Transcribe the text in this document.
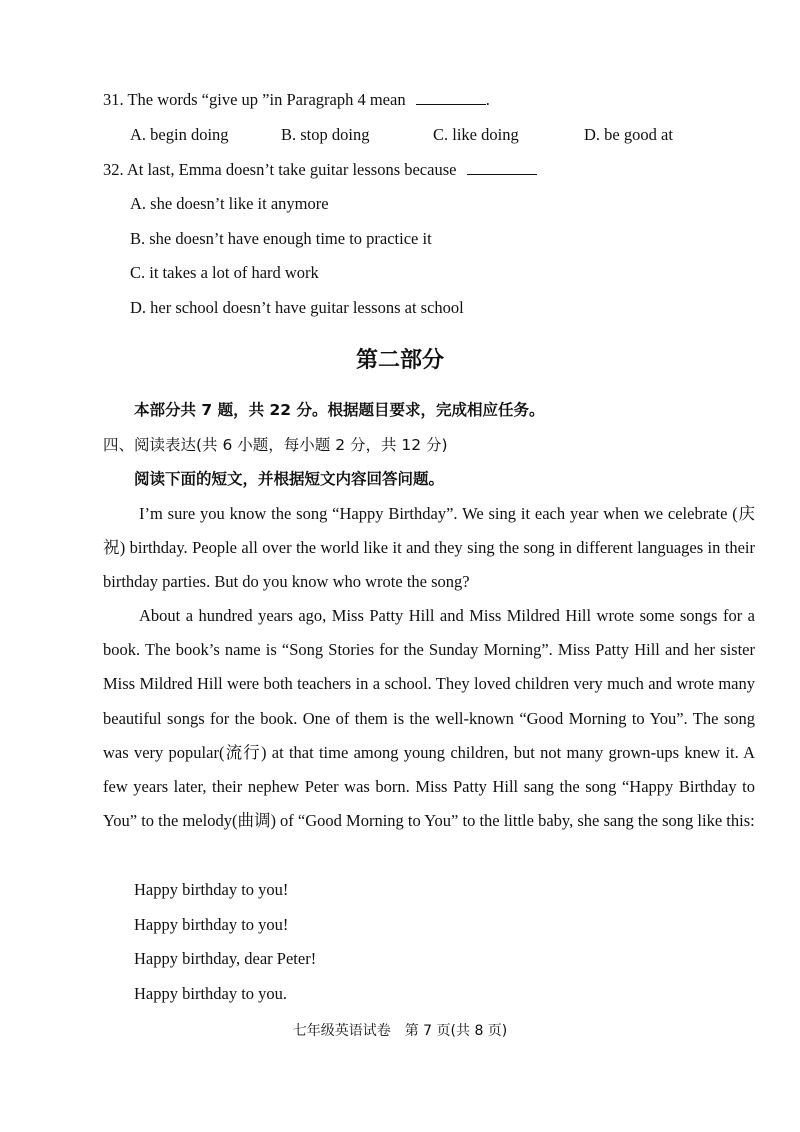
31. The words “give up ”in Paragraph 4 mean	.
A. begin doing	B. stop doing	C. like doing	D. be good at
32. At last, Emma doesn’t take guitar lessons because
A. she doesn’t like it anymore
B. she doesn’t have enough time to practice it
C. it takes a lot of hard work
D. her school doesn’t have guitar lessons at school
第二部分
本部分共 7 题，共 22 分。根据题目要求，完成相应任务。
四、阅读表达(共 6 小题，每小题 2 分，共 12 分)
阅读下面的短文，并根据短文内容回答问题。
I’m sure you know the song “Happy Birthday”. We sing it each year when we celebrate (庆祝) birthday. People all over the world like it and they sing the song in different languages in their birthday parties. But do you know who wrote the song?
About a hundred years ago, Miss Patty Hill and Miss Mildred Hill wrote some songs for a book. The book’s name is “Song Stories for the Sunday Morning”. Miss Patty Hill and her sister Miss Mildred Hill were both teachers in a school. They loved children very much and wrote many beautiful songs for the book. One of them is the well-known “Good Morning to You”. The song was very popular(流行) at that time among young children, but not many grown-ups knew it. A few years later, their nephew Peter was born. Miss Patty Hill sang the song “Happy Birthday to You” to the melody(曲调) of “Good Morning to You” to the little baby, she sang the song like this:
Happy birthday to you!
Happy birthday to you!
Happy birthday, dear Peter!
Happy birthday to you.
七年级英语试卷　第 7 页(共 8 页)
